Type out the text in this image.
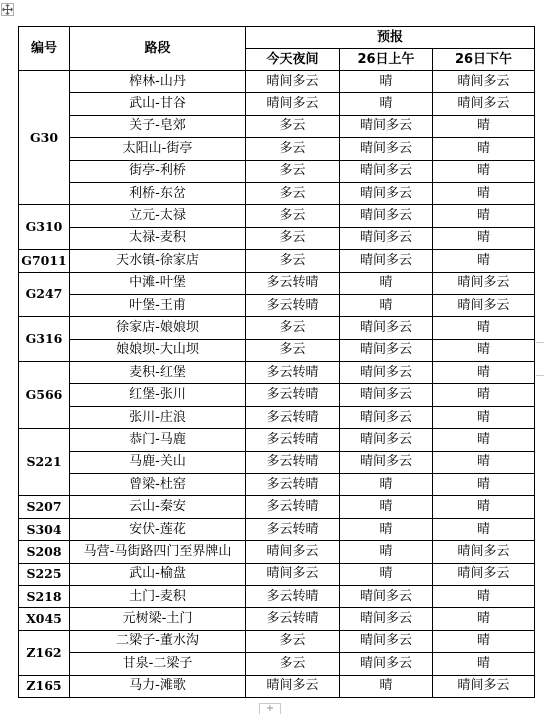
编号	路段	预报		
		今天夜间	26日上午	26日下午
G30	榨林-山丹	晴间多云	晴	晴间多云
	武山-甘谷	晴间多云	晴	晴间多云
	关子-皂郊	多云	晴间多云	晴
	太阳山-街亭	多云	晴间多云	晴
	街亭-利桥	多云	晴间多云	晴
	利桥-东岔	多云	晴间多云	晴
G310	立元-太禄	多云	晴间多云	晴
	太禄-麦积	多云	晴间多云	晴
G7011	天水镇-徐家店	多云	晴间多云	晴
G247	中滩-叶堡	多云转晴	晴	晴间多云
	叶堡-王甫	多云转晴	晴	晴间多云
G316	徐家店-娘娘坝	多云	晴间多云	晴
	娘娘坝-大山坝	多云	晴间多云	晴
G566	麦积-红堡	多云转晴	晴间多云	晴
	红堡-张川	多云转晴	晴间多云	晴
	张川-庄浪	多云转晴	晴间多云	晴
S221	恭门-马鹿	多云转晴	晴间多云	晴
	马鹿-关山	多云转晴	晴间多云	晴
	曾梁-杜窑	多云转晴	晴	晴
S207	云山-秦安	多云转晴	晴	晴
S304	安伏-莲花	多云转晴	晴	晴
S208	马营-马街路四门至界牌山	晴间多云	晴	晴间多云
S225	武山-榆盘	晴间多云	晴	晴间多云
S218	土门-麦积	多云转晴	晴间多云	晴
X045	元树梁-土门	多云转晴	晴间多云	晴
Z162	二梁子-董水沟	多云	晴间多云	晴
	甘泉-二梁子	多云	晴间多云	晴
Z165	马力-滩歌	晴间多云	晴	晴间多云
+
